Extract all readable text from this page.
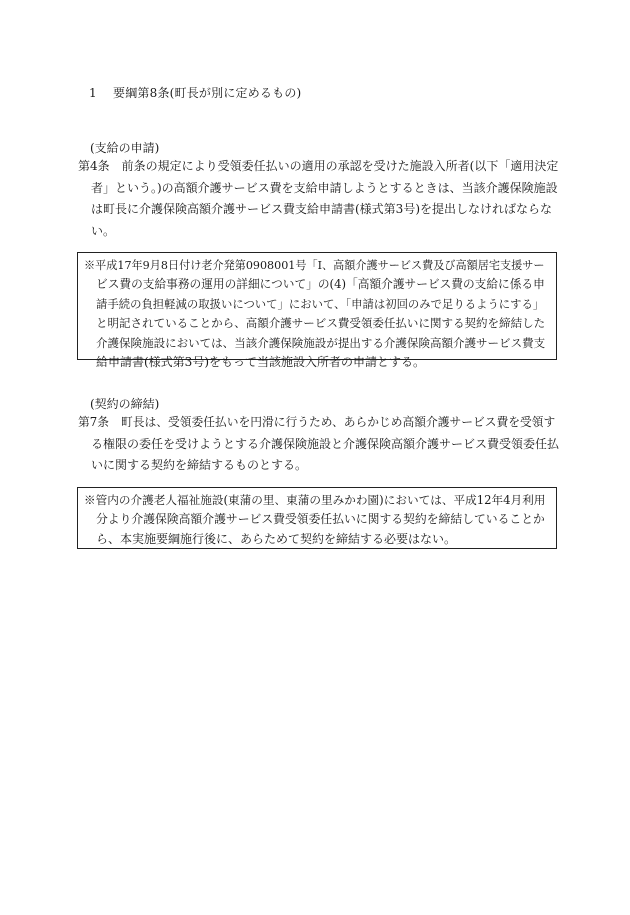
1 要綱第8条(町長が別に定めるもの)
(支給の申請)
第4条 前条の規定により受領委任払いの適用の承認を受けた施設入所者(以下「適用決定
者」という。)の高額介護サービス費を支給申請しようとするときは、当該介護保険施設
は町長に介護保険高額介護サービス費支給申請書(様式第3号)を提出しなければならな
い。
※平成17年9月8日付け老介発第0908001号「I、高額介護サービス費及び高額居宅支援サー
ビス費の支給事務の運用の詳細について」の(4)「高額介護サービス費の支給に係る申
請手続の負担軽減の取扱いについて」において、「申請は初回のみで足りるようにする」
と明記されていることから、高額介護サービス費受領委任払いに関する契約を締結した
介護保険施設においては、当該介護保険施設が提出する介護保険高額介護サービス費支
給申請書(様式第3号)をもって当該施設入所者の申請とする。
(契約の締結)
第7条 町長は、受領委任払いを円滑に行うため、あらかじめ高額介護サービス費を受領す
る権限の委任を受けようとする介護保険施設と介護保険高額介護サービス費受領委任払
いに関する契約を締結するものとする。
※管内の介護老人福祉施設(東蒲の里、東蒲の里みかわ園)においては、平成12年4月利用
分より介護保険高額介護サービス費受領委任払いに関する契約を締結していることか
ら、本実施要綱施行後に、あらためて契約を締結する必要はない。
